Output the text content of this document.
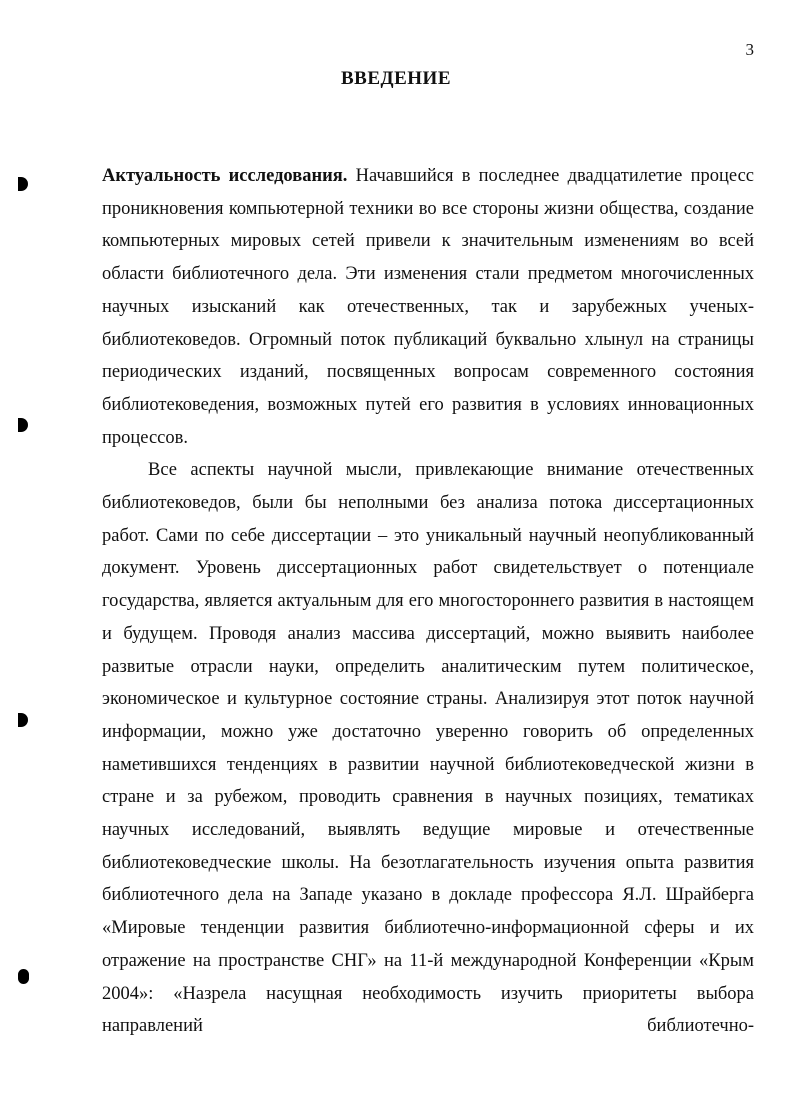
3
ВВЕДЕНИЕ

Актуальность исследования. Начавшийся в последнее двадцатилетие процесс проникновения компьютерной техники во все стороны жизни общества, создание компьютерных мировых сетей привели к значительным изменениям во всей области библиотечного дела. Эти изменения стали предметом многочисленных научных изысканий как отечественных, так и зарубежных ученых-библиотековедов. Огромный поток публикаций буквально хлынул на страницы периодических изданий, посвященных вопросам современного состояния библиотековедения, возможных путей его развития в условиях инновационных процессов.

Все аспекты научной мысли, привлекающие внимание отечественных библиотековедов, были бы неполными без анализа потока диссертационных работ. Сами по себе диссертации – это уникальный научный неопубликованный документ. Уровень диссертационных работ свидетельствует о потенциале государства, является актуальным для его многостороннего развития в настоящем и будущем. Проводя анализ массива диссертаций, можно выявить наиболее развитые отрасли науки, определить аналитическим путем политическое, экономическое и культурное состояние страны. Анализируя этот поток научной информации, можно уже достаточно уверенно говорить об определенных наметившихся тенденциях в развитии научной библиотековедческой жизни в стране и за рубежом, проводить сравнения в научных позициях, тематиках научных исследований, выявлять ведущие мировые и отечественные библиотековедческие школы. На безотлагательность изучения опыта развития библиотечного дела на Западе указано в докладе профессора Я.Л. Шрайберга «Мировые тенденции развития библиотечно-информационной сферы и их отражение на пространстве СНГ» на 11-й международной Конференции «Крым 2004»: «Назрела насущная необходимость изучить приоритеты выбора направлений библиотечно-
